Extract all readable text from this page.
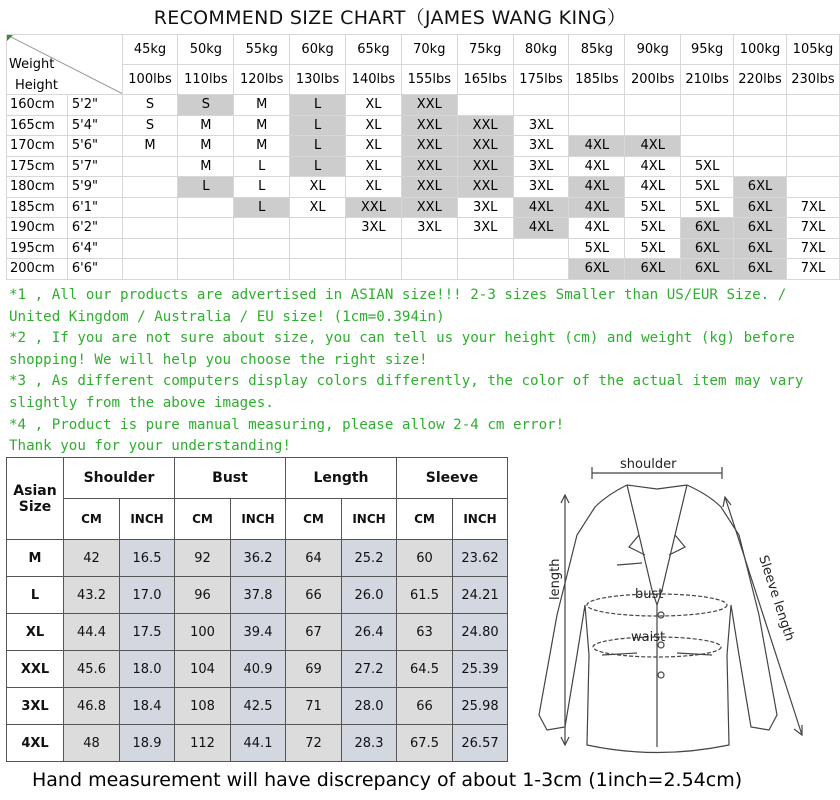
RECOMMEND SIZE CHART（JAMES WANG KING）
Weight
Height		45kg	50kg	55kg	60kg	65kg	70kg	75kg	80kg	85kg	90kg	95kg	100kg	105kg
		100lbs	110lbs	120lbs	130lbs	140lbs	155lbs	165lbs	175lbs	185lbs	200lbs	210lbs	220lbs	230lbs
160cm	5'2"	S	S	M	L	XL	XXL							
165cm	5'4"	S	M	M	L	XL	XXL	XXL	3XL					
170cm	5'6"	M	M	M	L	XL	XXL	XXL	3XL	4XL	4XL			
175cm	5'7"		M	L	L	XL	XXL	XXL	3XL	4XL	4XL	5XL		
180cm	5'9"		L	L	XL	XL	XXL	XXL	3XL	4XL	4XL	5XL	6XL	
185cm	6'1"			L	XL	XXL	XXL	3XL	4XL	4XL	5XL	5XL	6XL	7XL
190cm	6'2"					3XL	3XL	3XL	4XL	4XL	5XL	6XL	6XL	7XL
195cm	6'4"									5XL	5XL	6XL	6XL	7XL
200cm	6'6"									6XL	6XL	6XL	6XL	7XL

*1 , All our products are advertised in ASIAN size!!! 2-3 sizes Smaller than US/EUR Size. / United Kingdom / Australia / EU size! (1cm=0.394in)

*2 , If you are not sure about size, you can tell us your height (cm) and weight (kg) before shopping! We will help you choose the right size!

*3 , As different computers display colors differently, the color of the actual item may vary slightly from the above images.

*4 , Product is pure manual measuring, please allow 2-4 cm error!

Thank you for your understanding!

Asian Size	Shoulder		Bust		Length		Sleeve	
	CM	INCH	CM	INCH	CM	INCH	CM	INCH
M	42	16.5	92	36.2	64	25.2	60	23.62
L	43.2	17.0	96	37.8	66	26.0	61.5	24.21
XL	44.4	17.5	100	39.4	67	26.4	63	24.80
XXL	45.6	18.0	104	40.9	69	27.2	64.5	25.39
3XL	46.8	18.4	108	42.5	71	28.0	66	25.98
4XL	48	18.9	112	44.1	72	28.3	67.5	26.57
shoulder
length	bust
waist	Sleeve length
Hand measurement will have discrepancy of about 1-3cm (1inch=2.54cm)
